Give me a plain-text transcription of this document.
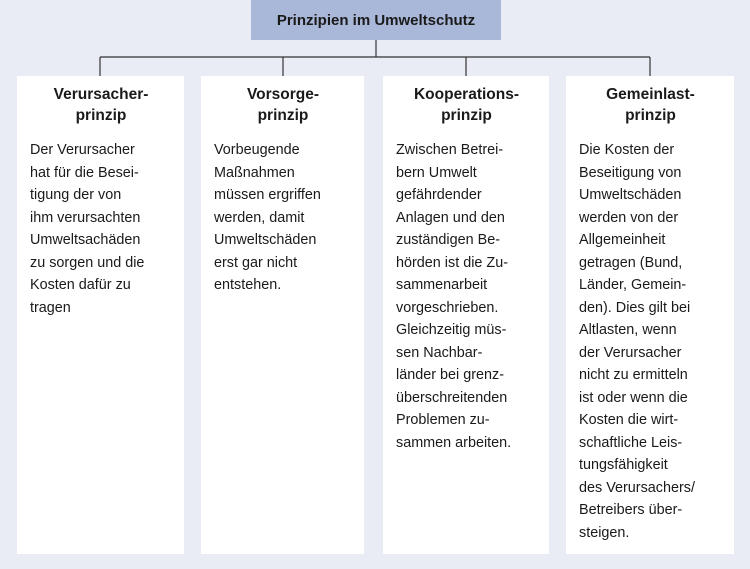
Prinzipien im Umweltschutz
Verursacher-
prinzip
Der Verursacher
hat für die Besei-
tigung der von
ihm verursachten
Umweltsachäden
zu sorgen und die
Kosten dafür zu
tragen
Vorsorge-
prinzip
Vorbeugende
Maßnahmen
müssen ergriffen
werden, damit
Umweltschäden
erst gar nicht
entstehen.
Kooperations-
prinzip
Zwischen Betrei-
bern Umwelt
gefährdender
Anlagen und den
zuständigen Be-
hörden ist die Zu-
sammenarbeit
vorgeschrieben.
Gleichzeitig müs-
sen Nachbar-
länder bei grenz-
überschreitenden
Problemen zu-
sammen arbeiten.
Gemeinlast-
prinzip
Die Kosten der
Beseitigung von
Umweltschäden
werden von der
Allgemeinheit
getragen (Bund,
Länder, Gemein-
den). Dies gilt bei
Altlasten, wenn
der Verursacher
nicht zu ermitteln
ist oder wenn die
Kosten die wirt-
schaftliche Leis-
tungsfähigkeit
des Verursachers/
Betreibers über-
steigen.
